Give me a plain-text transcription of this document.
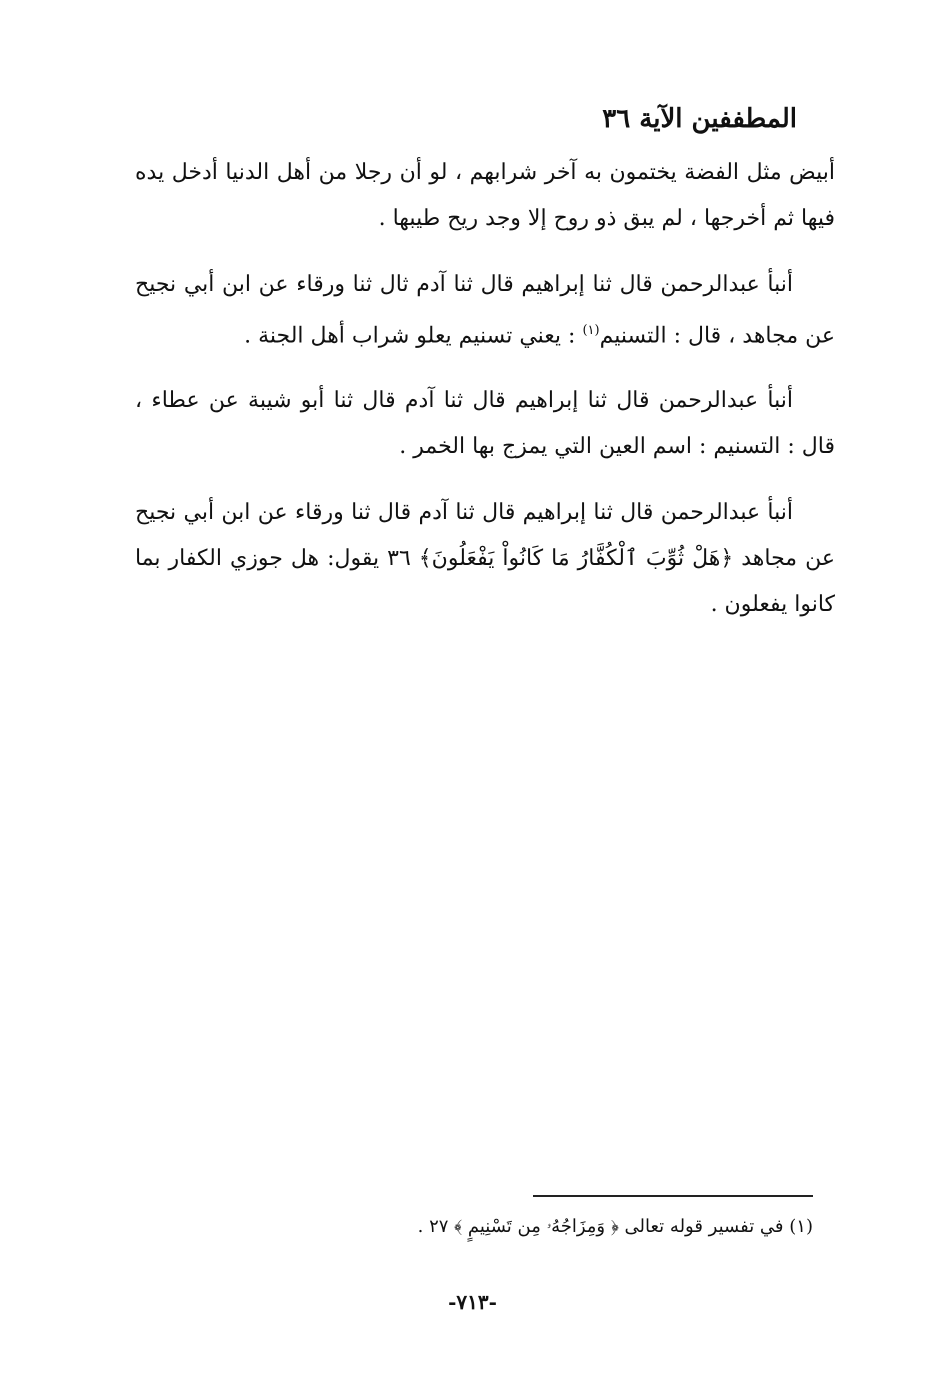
المطففين الآية ٣٦

أبيض مثل الفضة يختمون به آخر شرابهم ، لو أن رجلا من أهل الدنيا أدخل يده فيها ثم أخرجها ، لم يبق ذو روح إلا وجد ريح طيبها .

أنبأ عبدالرحمن قال ثنا إبراهيم قال ثنا آدم ثال ثنا ورقاء عن ابن أبي نجيح عن مجاهد ، قال : التسنيم$^{(١)}$ : يعني تسنيم يعلو شراب أهل الجنة .

أنبأ عبدالرحمن قال ثنا إبراهيم قال ثنا آدم قال ثنا أبو شيبة عن عطاء ، قال : التسنيم : اسم العين التي يمزج بها الخمر .

أنبأ عبدالرحمن قال ثنا إبراهيم قال ثنا آدم قال ثنا ورقاء عن ابن أبي نجيح عن مجاهد ﴿هَلْ ثُوِّبَ ٱلْكُفَّارُ مَا كَانُواْ يَفْعَلُونَ﴾ ٣٦ يقول: هل جوزي الكفار بما كانوا يفعلون .

(١) في تفسير قوله تعالى ﴿ وَمِزَاجُهُۥ مِن تَسْنِيمٍ ﴾ ٢٧ .
-٧١٣-
